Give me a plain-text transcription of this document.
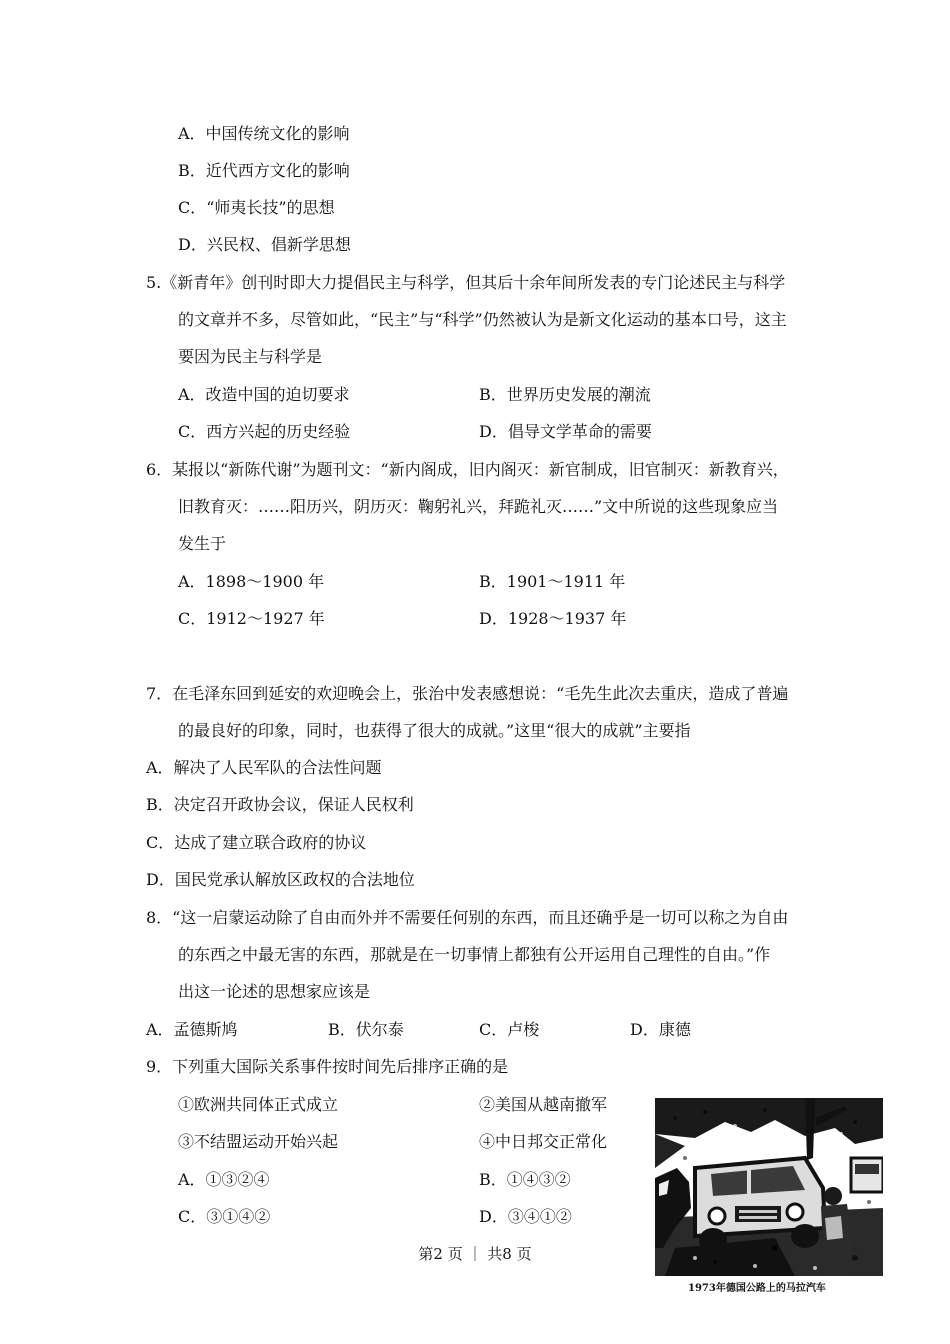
A．中国传统文化的影响
B．近代西方文化的影响
C．“师夷长技”的思想
D．兴民权、倡新学思想
5.《新青年》创刊时即大力提倡民主与科学，但其后十余年间所发表的专门论述民主与科学
的文章并不多，尽管如此，“民主”与“科学”仍然被认为是新文化运动的基本口号，这主
要因为民主与科学是
A．改造中国的迫切要求	B．世界历史发展的潮流
C．西方兴起的历史经验	D．倡导文学革命的需要
6．某报以“新陈代谢”为题刊文：“新内阁成，旧内阁灭：新官制成，旧官制灭：新教育兴，
旧教育灭：……阳历兴，阴历灭：鞠躬礼兴，拜跪礼灭……”文中所说的这些现象应当
发生于
A．1898～1900 年	B．1901～1911 年
C．1912～1927 年	D．1928～1937 年
7．在毛泽东回到延安的欢迎晚会上，张治中发表感想说：“毛先生此次去重庆，造成了普遍
的最良好的印象，同时，也获得了很大的成就。”这里“很大的成就”主要指
A．解决了人民军队的合法性问题
B．决定召开政协会议，保证人民权利
C．达成了建立联合政府的协议
D．国民党承认解放区政权的合法地位
8．“这一启蒙运动除了自由而外并不需要任何别的东西，而且还确乎是一切可以称之为自由
的东西之中最无害的东西，那就是在一切事情上都独有公开运用自己理性的自由。”作
出这一论述的思想家应该是
A．孟德斯鸠	B．伏尔泰	C．卢梭	D．康德
9．下列重大国际关系事件按时间先后排序正确的是
①欧洲共同体正式成立	②美国从越南撤军
③不结盟运动开始兴起	④中日邦交正常化
A．①③②④	B．①④③②
C．③①④②	D．③④①②
1973年德国公路上的马拉汽车
第2 页 ｜ 共8 页
